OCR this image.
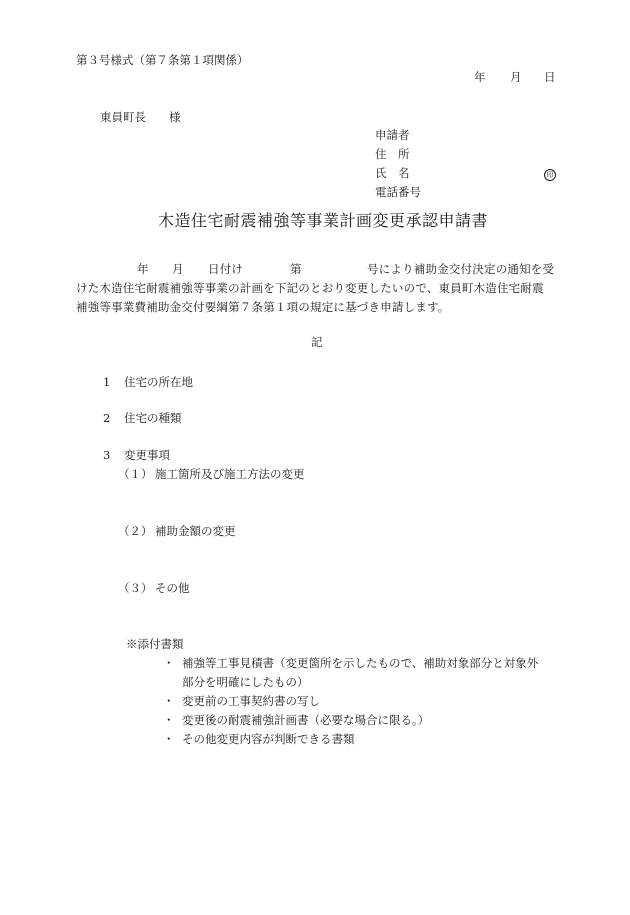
第３号様式（第７条第１項関係）
年 月 日
東員町長　　様
申請者
住　所
氏　名	印
電話番号
木造住宅耐震補強等事業計画変更承認申請書
年 月 日付け	第	号により補助金交付決定の通知を受
けた木造住宅耐震補強等事業の計画を下記のとおり変更したいので、東員町木造住宅耐震
補強等事業費補助金交付要綱第７条第１項の規定に基づき申請します。
記
1 住宅の所在地
2 住宅の種類
3 変更事項
（１） 施工箇所及び施工方法の変更
（２） 補助金額の変更
（３） その他
※添付書類
・ 補強等工事見積書（変更箇所を示したもので、補助対象部分と対象外
部分を明確にしたもの）
・ 変更前の工事契約書の写し
・ 変更後の耐震補強計画書（必要な場合に限る。）
・ その他変更内容が判断できる書類
